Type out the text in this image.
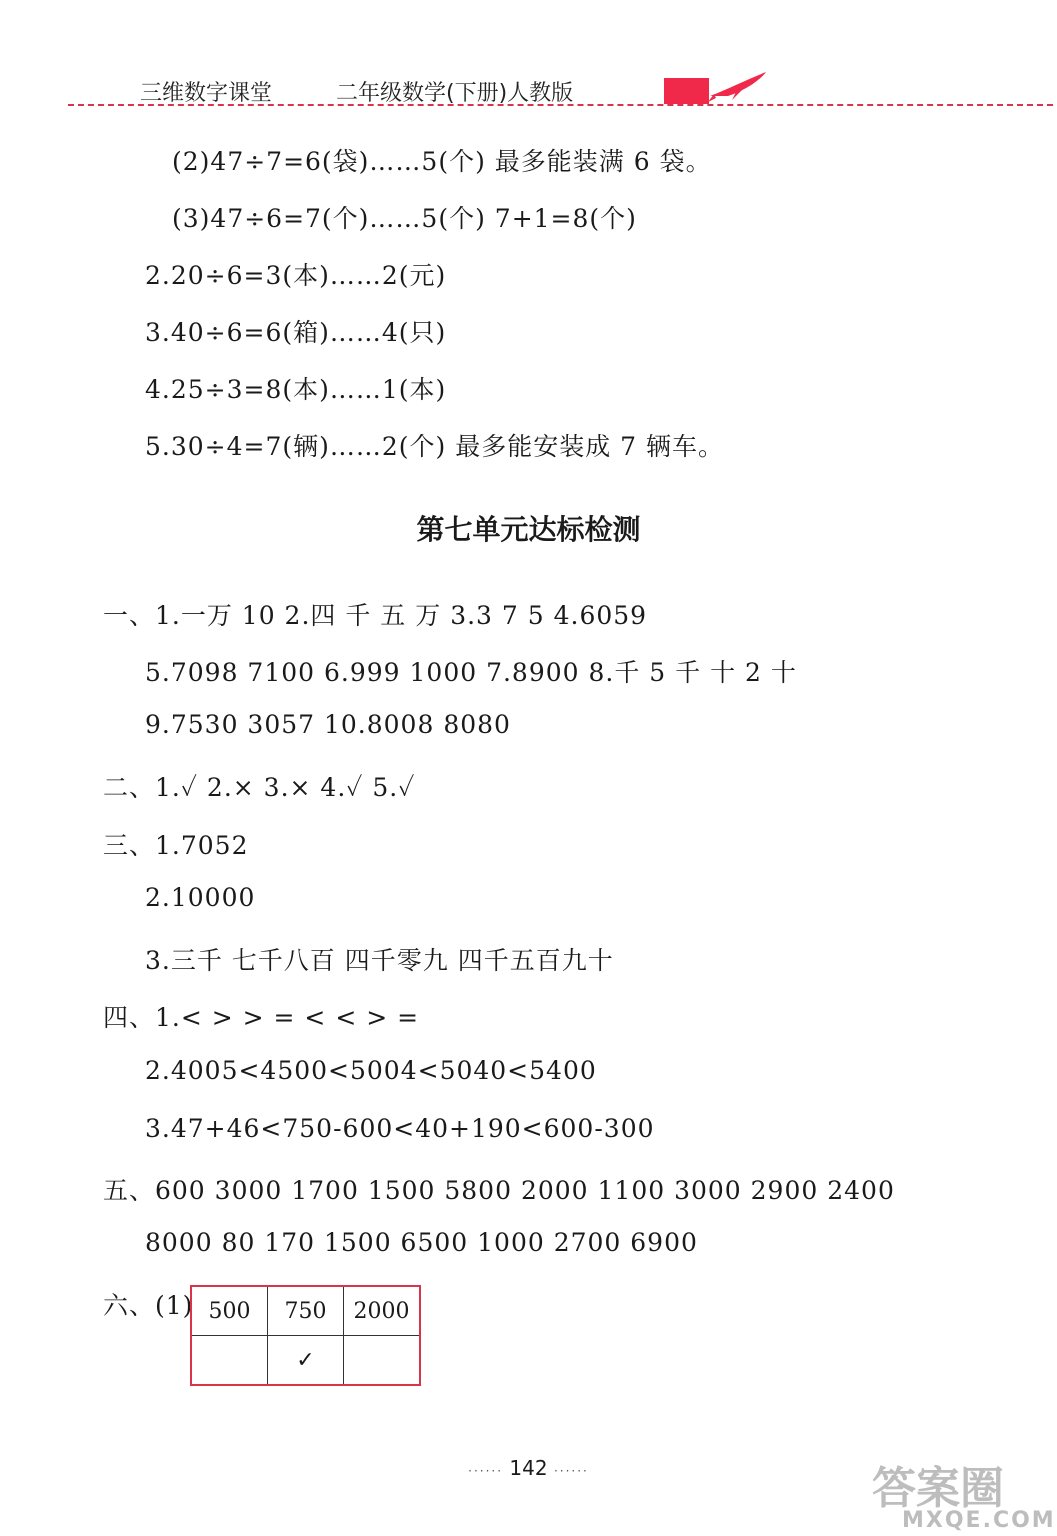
三维数字课堂	二年级数学(下册)人教版
(2)47÷7=6(袋)……5(个) 最多能装满 6 袋。
(3)47÷6=7(个)……5(个) 7+1=8(个)
2.20÷6=3(本)……2(元)
3.40÷6=6(箱)……4(只)
4.25÷3=8(本)……1(本)
5.30÷4=7(辆)……2(个) 最多能安装成 7 辆车。
第七单元达标检测
一、1.一万 10 2.四 千 五 万 3.3 7 5 4.6059
5.7098 7100 6.999 1000 7.8900 8.千 5 千 十 2 十
9.7530 3057 10.8008 8080
二、1.✓ 2.× 3.× 4.✓ 5.✓
三、1.7052
2.10000
3.三千 七千八百 四千零九 四千五百九十
四、1.< > > = < < > =
2.4005<4500<5004<5040<5400
3.47+46<750-600<40+190<600-300
五、600 3000 1700 1500 5800 2000 1100 3000 2900 2400
8000 80 170 1500 6500 1000 2700 6900
六、(1) 500	750	2000
	✓	
······ 142 ······	答案圈
MXQE.COM
